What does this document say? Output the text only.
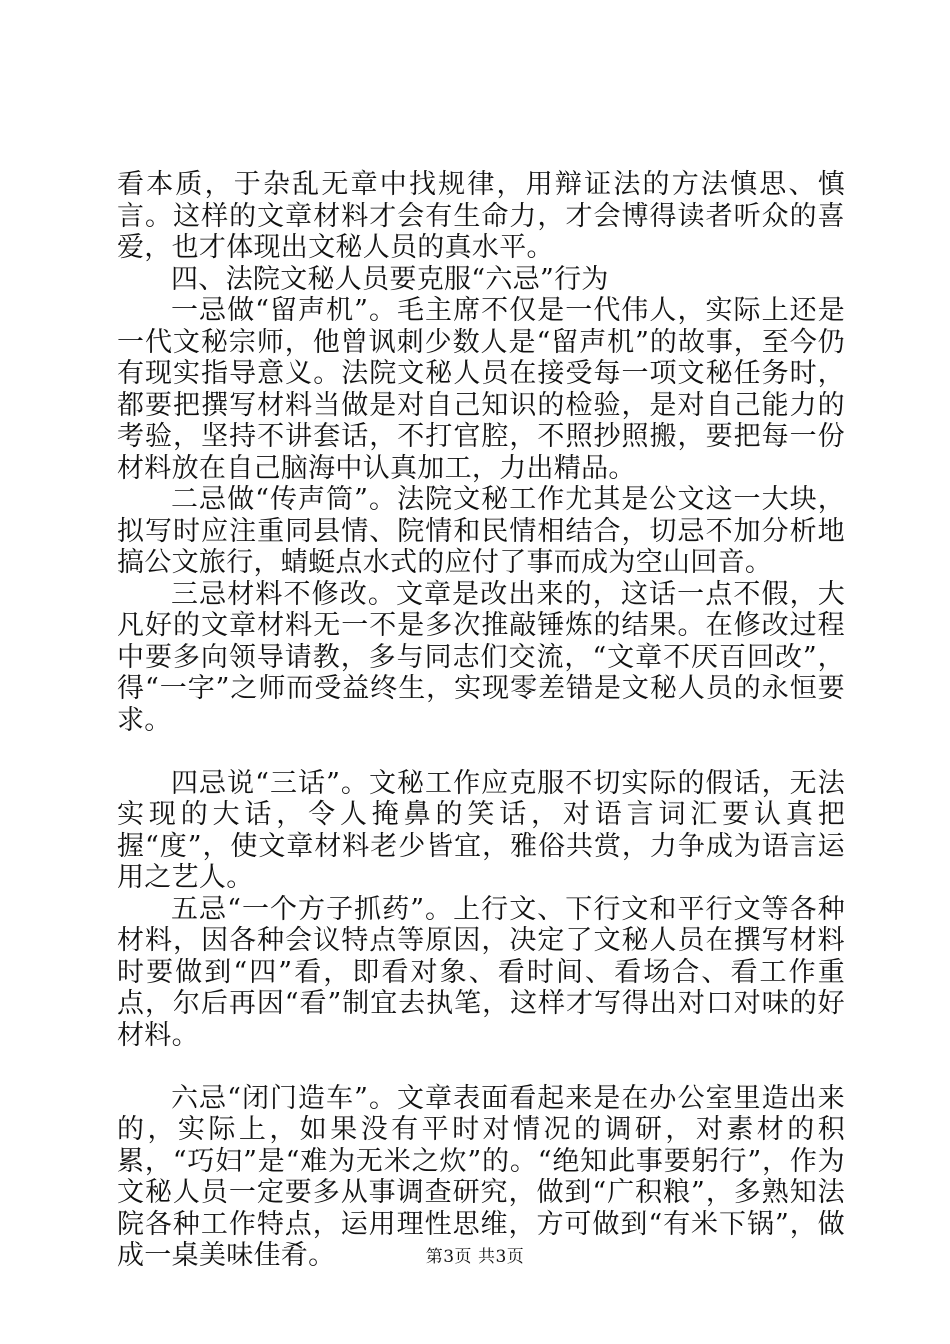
看本质，于杂乱无章中找规律，用辩证法的方法慎思、慎言。这样的文章材料才会有生命力，才会博得读者听众的喜爱，也才体现出文秘人员的真水平。

四、法院文秘人员要克服“六忌”行为

一忌做“留声机”。毛主席不仅是一代伟人，实际上还是一代文秘宗师，他曾讽刺少数人是“留声机”的故事，至今仍有现实指导意义。法院文秘人员在接受每一项文秘任务时，都要把撰写材料当做是对自己知识的检验，是对自己能力的考验，坚持不讲套话，不打官腔，不照抄照搬，要把每一份材料放在自己脑海中认真加工，力出精品。

二忌做“传声筒”。法院文秘工作尤其是公文这一大块，拟写时应注重同县情、院情和民情相结合，切忌不加分析地搞公文旅行，蜻蜓点水式的应付了事而成为空山回音。

三忌材料不修改。文章是改出来的，这话一点不假，大凡好的文章材料无一不是多次推敲锤炼的结果。在修改过程中要多向领导请教，多与同志们交流，“文章不厌百回改”，得“一字”之师而受益终生，实现零差错是文秘人员的永恒要求。

四忌说“三话”。文秘工作应克服不切实际的假话，无法实现的大话，令人掩鼻的笑话，对语言词汇要认真把握“度”，使文章材料老少皆宜，雅俗共赏，力争成为语言运用之艺人。

五忌“一个方子抓药”。上行文、下行文和平行文等各种材料，因各种会议特点等原因，决定了文秘人员在撰写材料时要做到“四”看，即看对象、看时间、看场合、看工作重点，尔后再因“看”制宜去执笔，这样才写得出对口对味的好材料。

六忌“闭门造车”。文章表面看起来是在办公室里造出来的，实际上，如果没有平时对情况的调研，对素材的积累，“巧妇”是“难为无米之炊”的。“绝知此事要躬行”，作为文秘人员一定要多从事调查研究，做到“广积粮”，多熟知法院各种工作特点，运用理性思维，方可做到“有米下锅”，做成一桌美味佳肴。	第3页 共3页
